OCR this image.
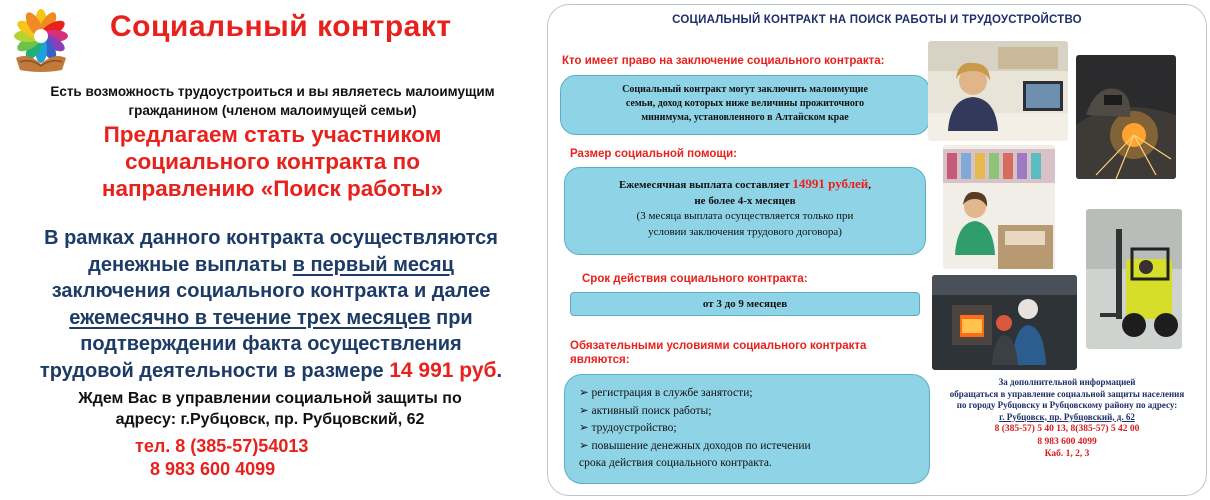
Социальный контракт
Есть возможность трудоустроиться и вы являетесь малоимущим
гражданином (членом малоимущей семьи)
Предлагаем стать участником
социального контракта по
направлению «Поиск работы»
В рамках данного контракта осуществляются
денежные выплаты в первый месяц
заключения социального контракта и далее
ежемесячно в течение трех месяцев при
подтверждении факта осуществления
трудовой деятельности в размере 14 991 руб.
Ждем Вас в управлении социальной защиты по
адресу: г.Рубцовск, пр. Рубцовский, 62
тел. 8 (385-57)54013
8 983 600 4099
СОЦИАЛЬНЫЙ КОНТРАКТ НА ПОИСК РАБОТЫ И ТРУДОУСТРОЙСТВО
Кто имеет право на заключение социального контракта:
Социальный контракт могут заключить малоимущие
семьи, доход которых ниже величины прожиточного
минимума, установленного в Алтайском крае
Размер социальной помощи:
Ежемесячная выплата составляет 14991 рублей,
не более 4-х месяцев
(3 месяца выплата осуществляется только при
условии заключения трудового договора)
Срок действия социального контракта:
от 3 до 9 месяцев
Обязательными условиями социального контракта
являются:
➢ регистрация в службе занятости;
➢ активный поиск работы;
➢ трудоустройство;
➢ повышение денежных доходов по истечении
срока действия социального контракта.
За дополнительной информацией
обращаться в управление социальной защиты населения
по городу Рубцовску и Рубцовскому району по адресу:
г. Рубцовск, пр. Рубцовский, д. 62
8 (385-57) 5 40 13, 8(385-57) 5 42 00
8 983 600 4099
Каб. 1, 2, 3
